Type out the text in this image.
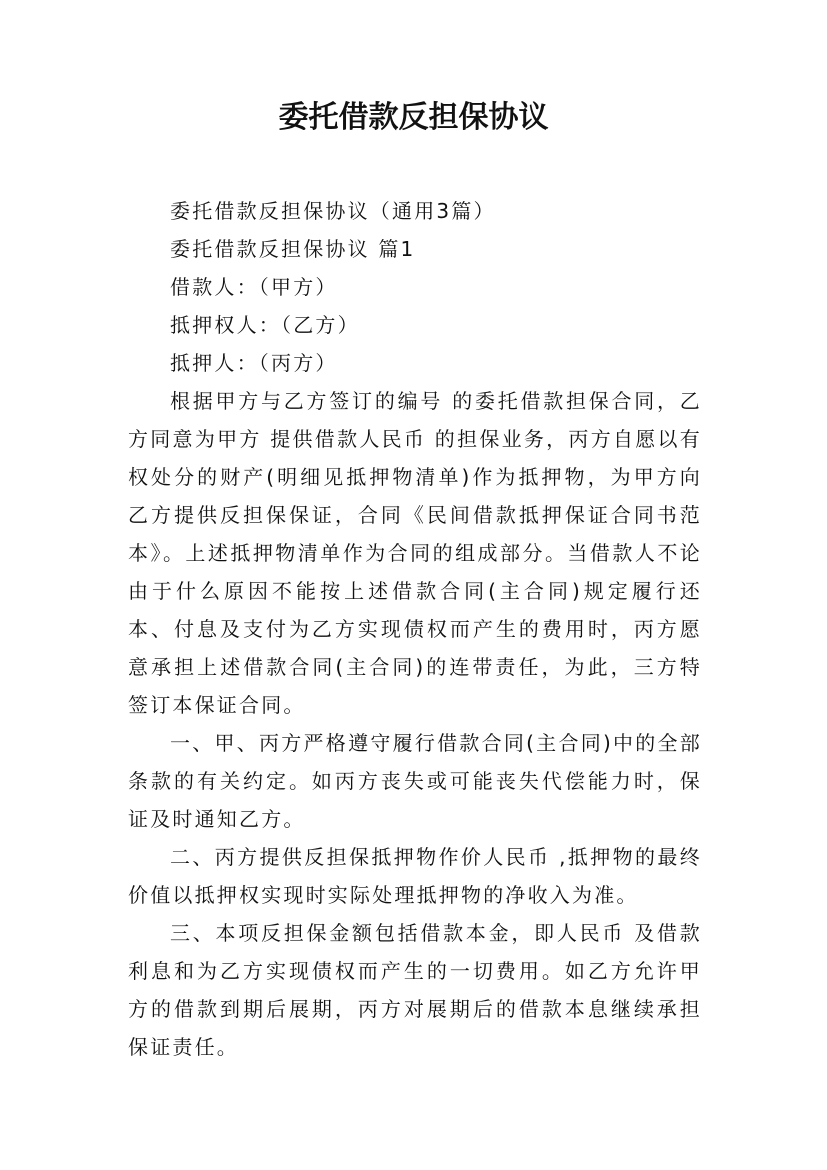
委托借款反担保协议
委托借款反担保协议（通用3篇）
委托借款反担保协议 篇1
借款人：（甲方）
抵押权人：（乙方）
抵押人：（丙方）

根据甲方与乙方签订的编号 的委托借款担保合同，乙方同意为甲方 提供借款人民币 的担保业务，丙方自愿以有权处分的财产(明细见抵押物清单)作为抵押物，为甲方向乙方提供反担保保证，合同《民间借款抵押保证合同书范本》。上述抵押物清单作为合同的组成部分。当借款人不论由于什么原因不能按上述借款合同(主合同)规定履行还本、付息及支付为乙方实现债权而产生的费用时，丙方愿意承担上述借款合同(主合同)的连带责任，为此，三方特签订本保证合同。

一、甲、丙方严格遵守履行借款合同(主合同)中的全部条款的有关约定。如丙方丧失或可能丧失代偿能力时，保证及时通知乙方。

二、丙方提供反担保抵押物作价人民币 ,抵押物的最终价值以抵押权实现时实际处理抵押物的净收入为准。

三、本项反担保金额包括借款本金，即人民币 及借款利息和为乙方实现债权而产生的一切费用。如乙方允许甲方的借款到期后展期，丙方对展期后的借款本息继续承担保证责任。
